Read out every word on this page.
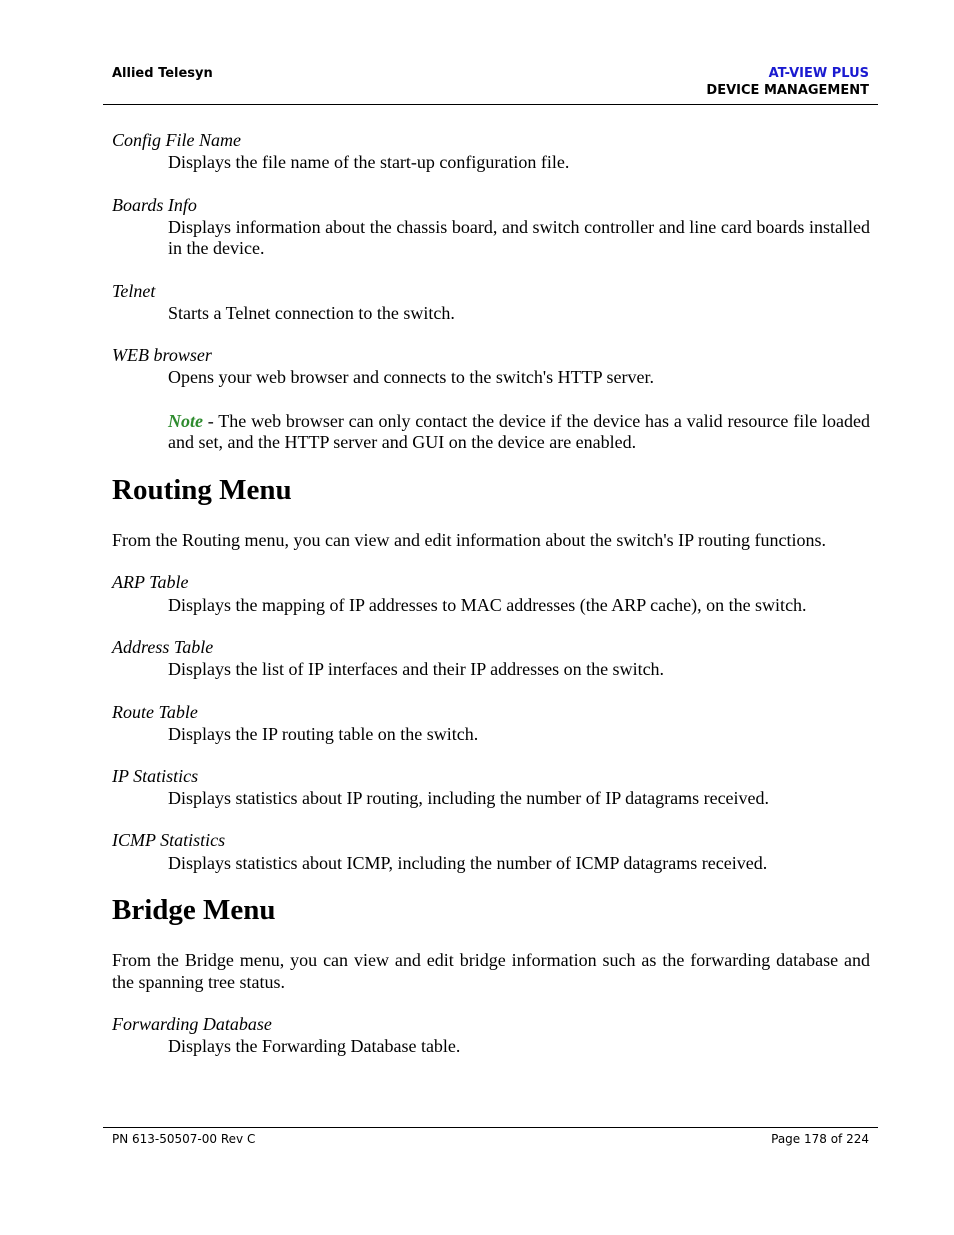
Allied Telesyn	AT-VIEW PLUS
DEVICE MANAGEMENT
Config File Name
Displays the file name of the start-up configuration file.
Boards Info
Displays information about the chassis board, and switch controller and line card boards installed in the device.
Telnet
Starts a Telnet connection to the switch.
WEB browser
Opens your web browser and connects to the switch's HTTP server.
Note - The web browser can only contact the device if the device has a valid resource file loaded and set, and the HTTP server and GUI on the device are enabled.
Routing Menu
From the Routing menu, you can view and edit information about the switch's IP routing functions.
ARP Table
Displays the mapping of IP addresses to MAC addresses (the ARP cache), on the switch.
Address Table
Displays the list of IP interfaces and their IP addresses on the switch.
Route Table
Displays the IP routing table on the switch.
IP Statistics
Displays statistics about IP routing, including the number of IP datagrams received.
ICMP Statistics
Displays statistics about ICMP, including the number of ICMP datagrams received.
Bridge Menu
From the Bridge menu, you can view and edit bridge information such as the forwarding database and the spanning tree status.
Forwarding Database
Displays the Forwarding Database table.
PN 613-50507-00 Rev C	Page 178 of 224
